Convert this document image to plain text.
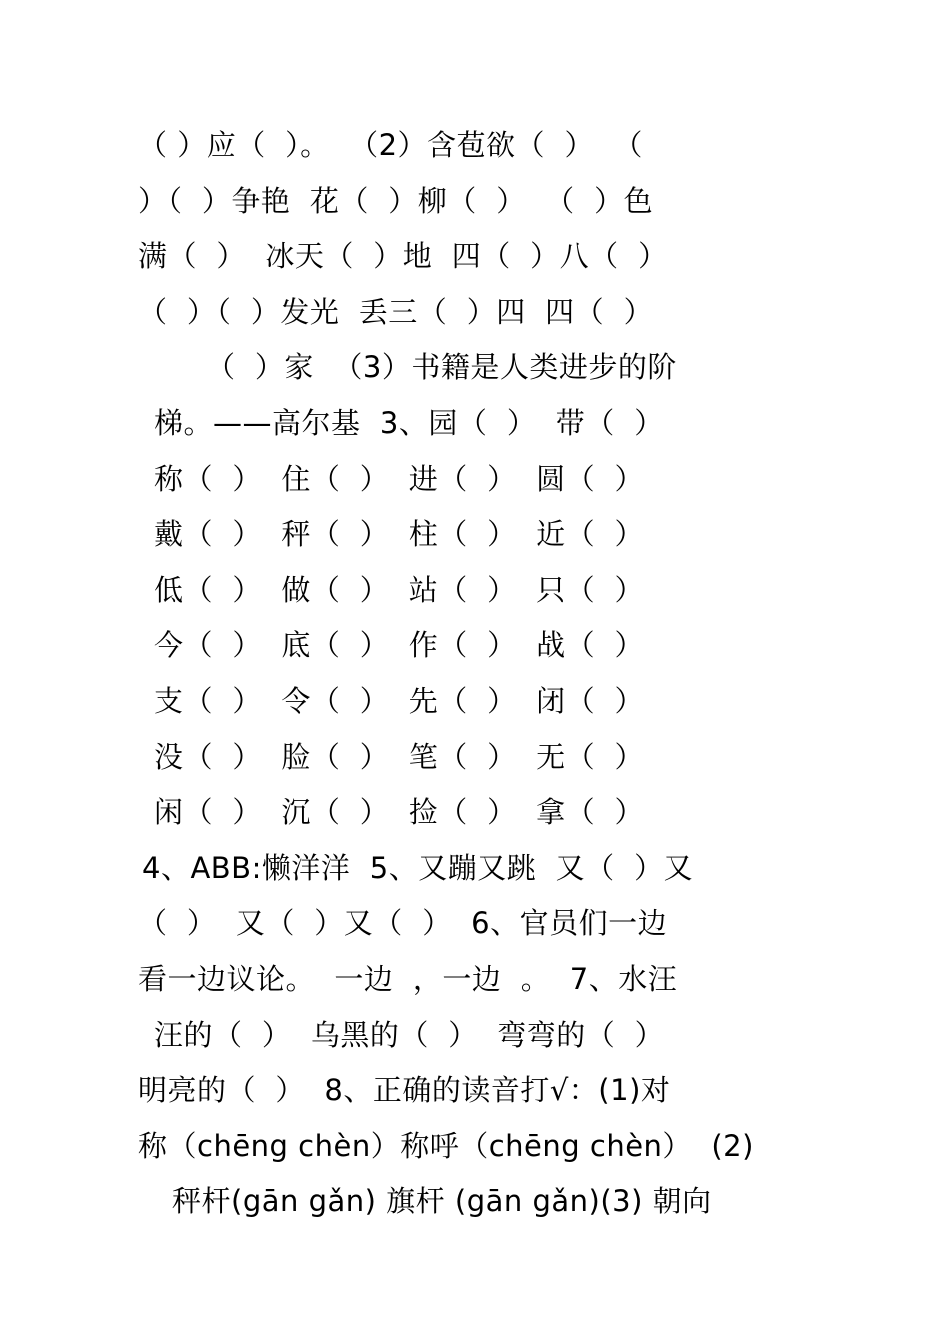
（ ）应（  ）。  （2）含苞欲（  ）  （
）（  ）争艳  花（  ）柳（  ）  （  ）色
满（  ）  冰天（  ）地  四（  ）八（  ）
（  ）（  ）发光  丢三（  ）四  四（  ）
（  ）家  （3）书籍是人类进步的阶
梯。——高尔基  3、园（  ）  带（  ）
称（  ）  住（  ）  进（  ）  圆（  ）
戴（  ）  秤（  ）  柱（  ）  近（  ）
低（  ）  做（  ）  站（  ）  只（  ）
今（  ）  底（  ）  作（  ）  战（  ）
支（  ）  令（  ）  先（  ）  闭（  ）
没（  ）  脸（  ）  笔（  ）  无（  ）
闲（  ）  沉（  ）  捡（  ）  拿（  ）
4、ABB:懒洋洋  5、又蹦又跳  又（  ）又
（  ）  又（  ）又（  ）  6、官员们一边
看一边议论。  一边  ，一边  。  7、水汪
汪的（  ）  乌黑的（  ）  弯弯的（  ）
明亮的（  ）  8、正确的读音打√：(1)对
称（chēng chèn）称呼（chēng chèn）  (2)
秤杆(gān gǎn) 旗杆 (gān gǎn)(3) 朝向
